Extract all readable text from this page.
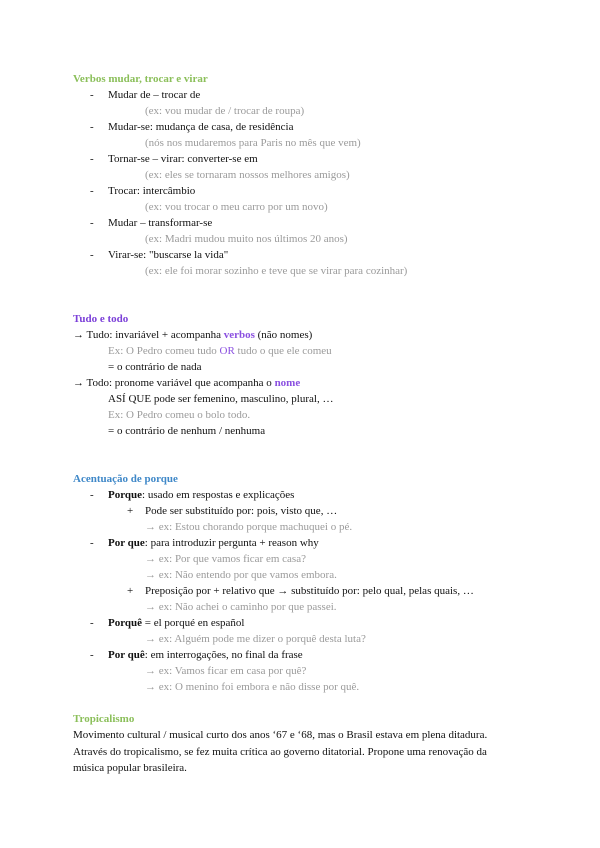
Verbos mudar, trocar e virar
- Mudar de – trocar de
(ex: vou mudar de / trocar de roupa)
- Mudar-se: mudança de casa, de residência
(nós nos mudaremos para Paris no mês que vem)
- Tornar-se – virar: converter-se em
(ex: eles se tornaram nossos melhores amigos)
- Trocar: intercâmbio
(ex: vou trocar o meu carro por um novo)
- Mudar – transformar-se
(ex: Madri mudou muito nos últimos 20 anos)
- Virar-se: "buscarse la vida"
(ex: ele foi morar sozinho e teve que se virar para cozinhar)
Tudo e todo
→ Tudo: invariável + acompanha verbos (não nomes)
Ex: O Pedro comeu tudo OR tudo o que ele comeu
= o contrário de nada
→ Todo: pronome variável que acompanha o nome
ASÍ QUE pode ser femenino, masculino, plural, …
Ex: O Pedro comeu o bolo todo.
= o contrário de nenhum / nenhuma
Acentuação de porque
- Porque: usado em respostas e explicações
+ Pode ser substituído por: pois, visto que, …
→ ex: Estou chorando porque machuquei o pé.
- Por que: para introduzir pergunta + reason why
→ ex: Por que vamos ficar em casa?
→ ex: Não entendo por que vamos embora.
+ Preposição por + relativo que → substituído por: pelo qual, pelas quais, …
→ ex: Não achei o caminho por que passei.
- Porquê = el porqué en español
→ ex: Alguém pode me dizer o porquê desta luta?
- Por quê: em interrogações, no final da frase
→ ex: Vamos ficar em casa por quê?
→ ex: O menino foi embora e não disse por quê.
Tropicalismo
Movimento cultural / musical curto dos anos ‘67 e ‘68, mas o Brasil estava em plena ditadura. Através do tropicalismo, se fez muita crítica ao governo ditatorial. Propone uma renovação da música popular brasileira.
